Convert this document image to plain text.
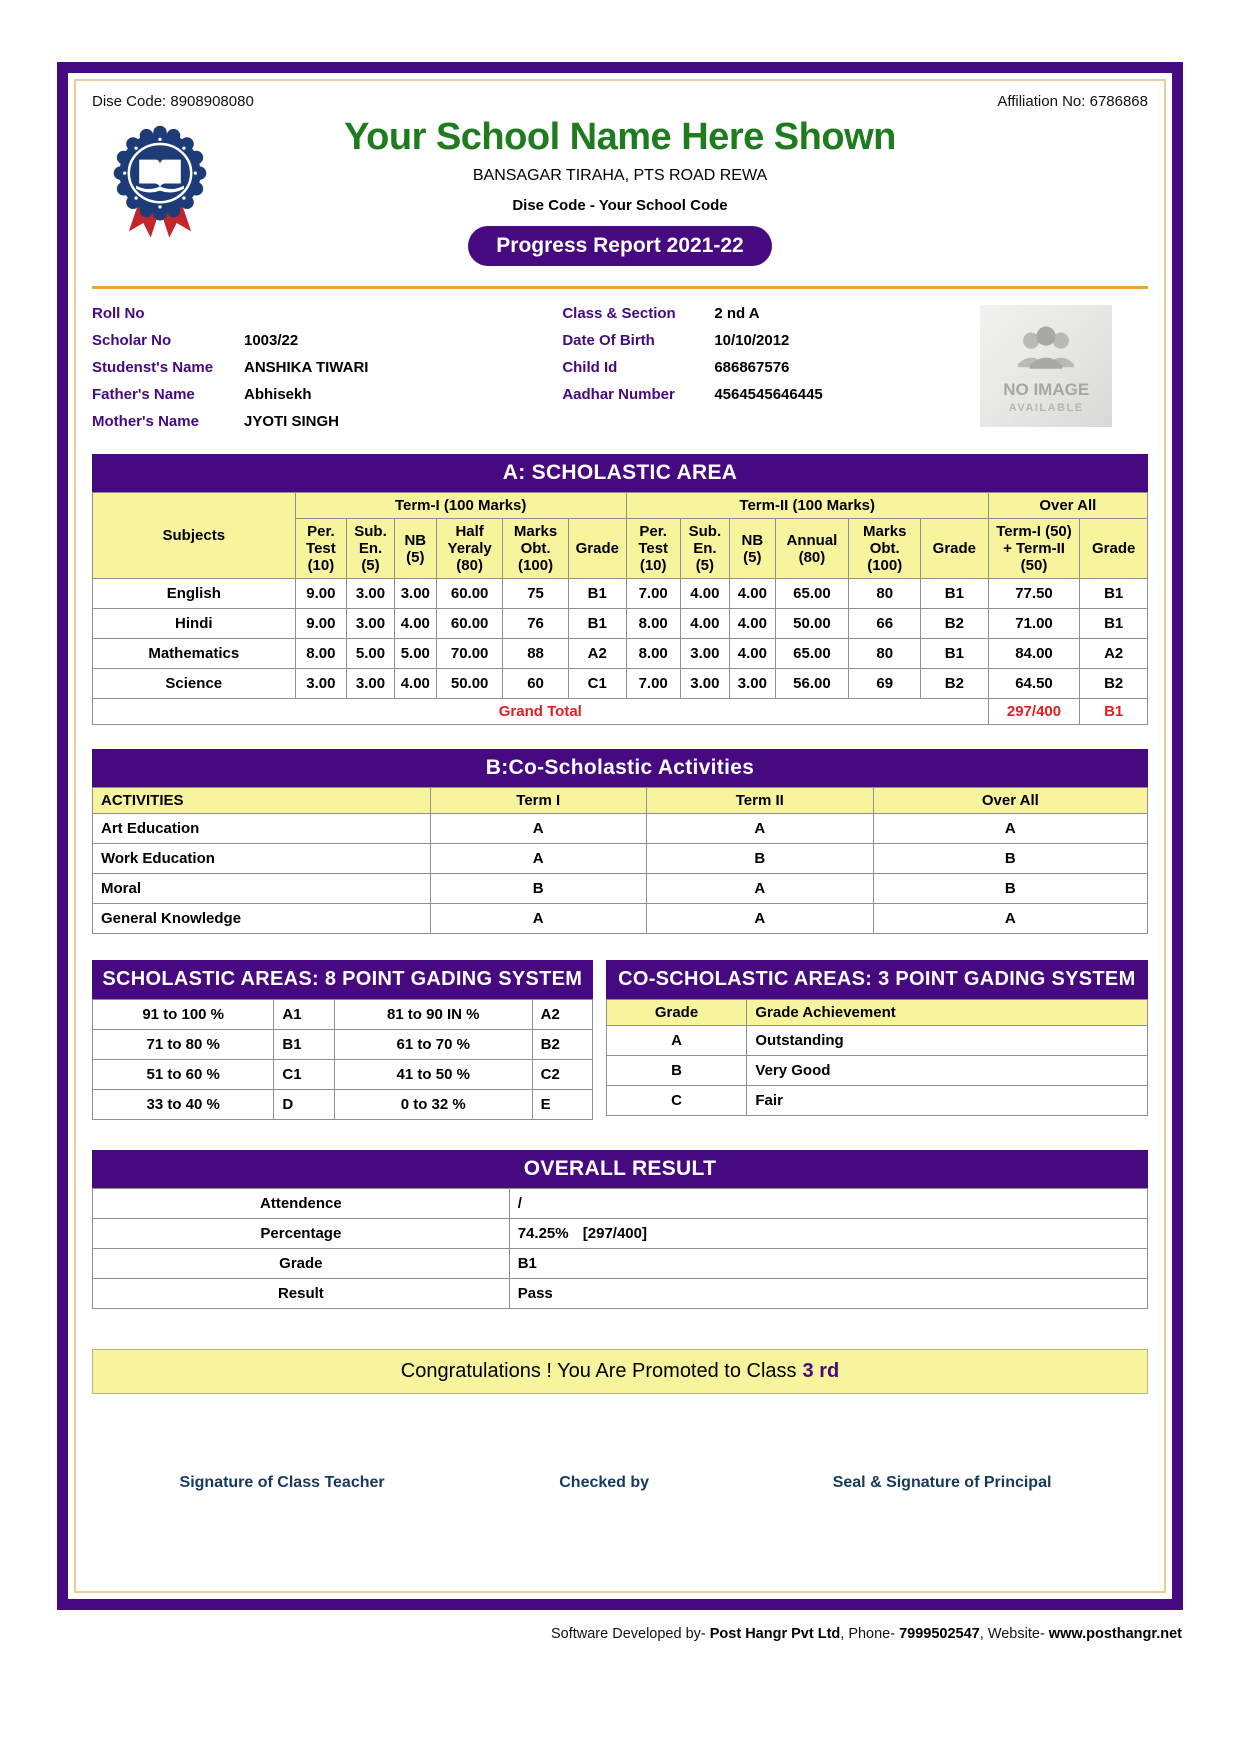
Dise Code: 8908908080	Affiliation No: 6786868
Your School Name Here Shown
BANSAGAR TIRAHA, PTS ROAD REWA
Dise Code - Your School Code
Progress Report 2021-22
Roll No
Scholar No	1003/22
Studenst's Name	ANSHIKA TIWARI
Father's Name	Abhisekh
Mother's Name	JYOTI SINGH
Class & Section	2 nd A
Date Of Birth	10/10/2012
Child Id	686867576
Aadhar Number	4564545646445	NO IMAGE
AVAILABLE
A: SCHOLASTIC AREA
Subjects	Term-I (100 Marks)						Term-II (100 Marks)						Over All	
	Per. Test (10)	Sub. En. (5)	NB (5)	Half Yeraly (80)	Marks Obt. (100)	Grade	Per. Test (10)	Sub. En. (5)	NB (5)	Annual (80)	Marks Obt. (100)	Grade	Term-I (50) + Term-II (50)	Grade
English	9.00	3.00	3.00	60.00	75	B1	7.00	4.00	4.00	65.00	80	B1	77.50	B1
Hindi	9.00	3.00	4.00	60.00	76	B1	8.00	4.00	4.00	50.00	66	B2	71.00	B1
Mathematics	8.00	5.00	5.00	70.00	88	A2	8.00	3.00	4.00	65.00	80	B1	84.00	A2
Science	3.00	3.00	4.00	50.00	60	C1	7.00	3.00	3.00	56.00	69	B2	64.50	B2
Grand Total													297/400	B1
B:Co-Scholastic Activities
ACTIVITIES	Term I	Term II	Over All
Art Education	A	A	A
Work Education	A	B	B
Moral	B	A	B
General Knowledge	A	A	A
SCHOLASTIC AREAS: 8 POINT GADING SYSTEM
91 to 100 %	A1	81 to 90 IN %	A2
71 to 80 %	B1	61 to 70 %	B2
51 to 60 %	C1	41 to 50 %	C2
33 to 40 %	D	0 to 32 %	E
CO-SCHOLASTIC AREAS: 3 POINT GADING SYSTEM
Grade	Grade Achievement
A	Outstanding
B	Very Good
C	Fair
OVERALL RESULT
Attendence	/
Percentage	74.25% [297/400]
Grade	B1
Result	Pass
Congratulations ! You Are Promoted to Class 3 rd
Signature of Class Teacher	Checked by	Seal & Signature of Principal
Software Developed by- Post Hangr Pvt Ltd, Phone- 7999502547, Website- www.posthangr.net
